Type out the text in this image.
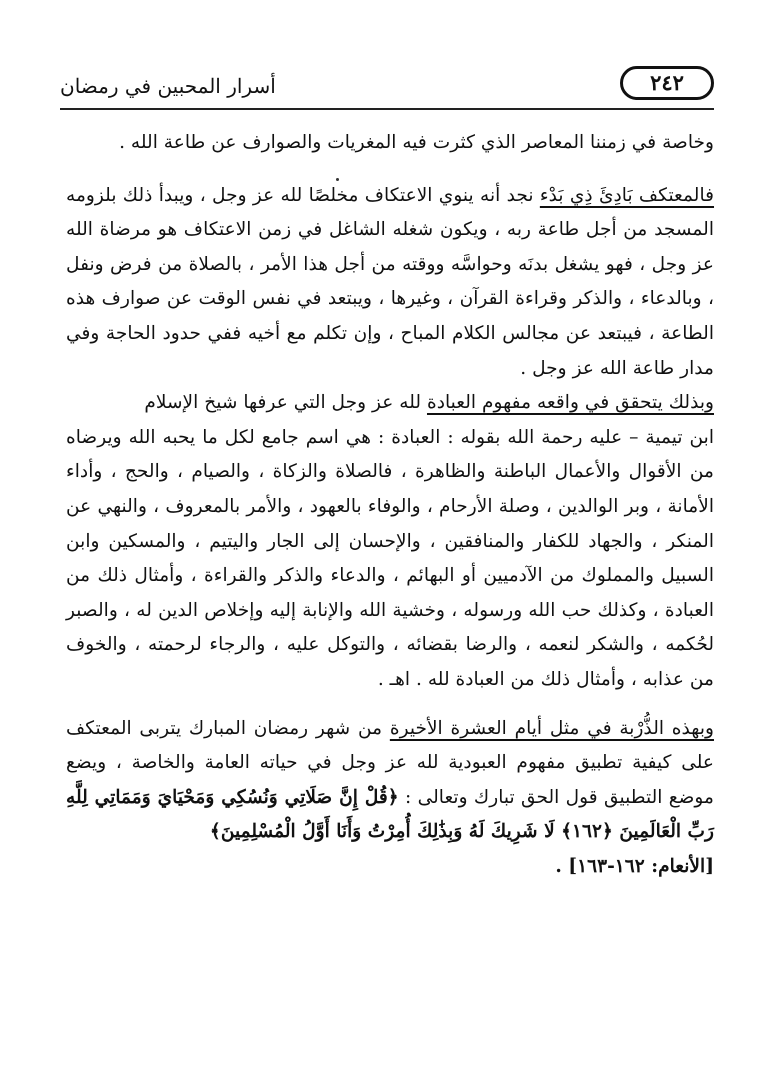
٢٤٢
أسرار المحبين في رمضان

وخاصة في زمننا المعاصر الذي كثرت فيه المغريات والصوارف عن طاعة الله .

فالمعتكف بَادِئَ ذِي بَدْء نجد أنه ينوي الاعتكاف مخلصًا لله عز وجل ، ويبدأ ذلك بلزومه المسجد من أجل طاعة ربه ، ويكون شغله الشاغل في زمن الاعتكاف هو مرضاة الله عز وجل ، فهو يشغل بدنَه وحواسَّه ووقته من أجل هذا الأمر ، بالصلاة من فرض ونفل ، وبالدعاء ، والذكر وقراءة القرآن ، وغيرها ، ويبتعد في نفس الوقت عن صوارف هذه الطاعة ، فيبتعد عن مجالس الكلام المباح ، وإن تكلم مع أخيه ففي حدود الحاجة وفي مدار طاعة الله عز وجل .

وبذلك يتحقق في واقعه مفهوم العبادة لله عز وجل التي عرفها شيخ الإسلام

ابن تيمية – عليه رحمة الله بقوله : العبادة : هي اسم جامع لكل ما يحبه الله ويرضاه من الأقوال والأعمال الباطنة والظاهرة ، فالصلاة والزكاة ، والصيام ، والحج ، وأداء الأمانة ، وبر الوالدين ، وصلة الأرحام ، والوفاء بالعهود ، والأمر بالمعروف ، والنهي عن المنكر ، والجهاد للكفار والمنافقين ، والإحسان إلى الجار واليتيم ، والمسكين وابن السبيل والمملوك من الآدميين أو البهائم ، والدعاء والذكر والقراءة ، وأمثال ذلك من العبادة ، وكذلك حب الله ورسوله ، وخشية الله والإنابة إليه وإخلاص الدين له ، والصبر لحُكمه ، والشكر لنعمه ، والرضا بقضائه ، والتوكل عليه ، والرجاء لرحمته ، والخوف من عذابه ، وأمثال ذلك من العبادة لله . اهـ .

وبهذه الذُّرْبة في مثل أيام العشرة الأخيرة من شهر رمضان المبارك يتربى المعتكف على كيفية تطبيق مفهوم العبودية لله عز وجل في حياته العامة والخاصة ، ويضع موضع التطبيق قول الحق تبارك وتعالى : ﴿قُلْ إِنَّ صَلَاتِي وَنُسُكِي وَمَحْيَايَ وَمَمَاتِي لِلَّهِ رَبِّ الْعَالَمِينَ ﴿١٦٢﴾ لَا شَرِيكَ لَهُ وَبِذَٰلِكَ أُمِرْتُ وَأَنَا أَوَّلُ الْمُسْلِمِينَ﴾

[الأنعام: ١٦٢-١٦٣] .
